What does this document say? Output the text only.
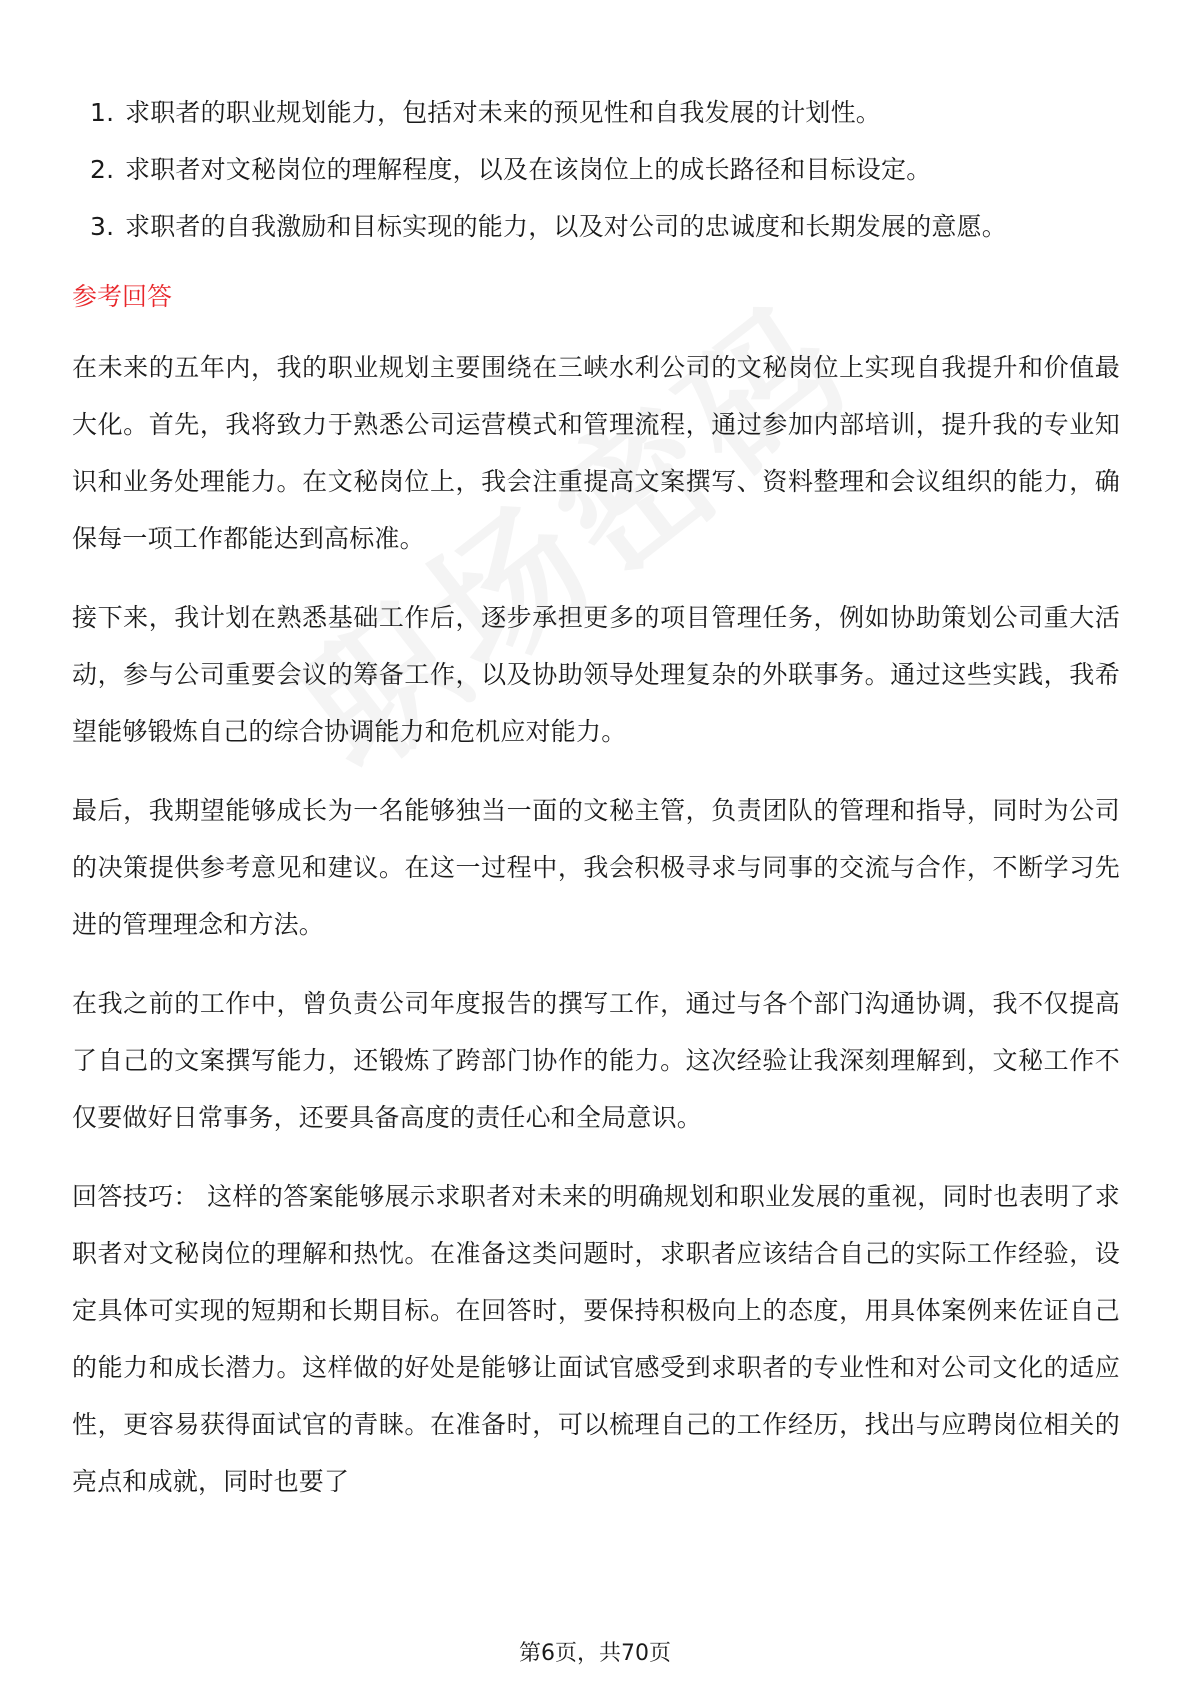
1. 求职者的职业规划能力，包括对未来的预见性和自我发展的计划性。
2. 求职者对文秘岗位的理解程度，以及在该岗位上的成长路径和目标设定。
3. 求职者的自我激励和目标实现的能力，以及对公司的忠诚度和长期发展的意愿。
参考回答

在未来的五年内，我的职业规划主要围绕在三峡水利公司的文秘岗位上实现自我提升和价值最大化。首先，我将致力于熟悉公司运营模式和管理流程，通过参加内部培训，提升我的专业知识和业务处理能力。在文秘岗位上，我会注重提高文案撰写、资料整理和会议组织的能力，确保每一项工作都能达到高标准。

接下来，我计划在熟悉基础工作后，逐步承担更多的项目管理任务，例如协助策划公司重大活动，参与公司重要会议的筹备工作，以及协助领导处理复杂的外联事务。通过这些实践，我希望能够锻炼自己的综合协调能力和危机应对能力。

最后，我期望能够成长为一名能够独当一面的文秘主管，负责团队的管理和指导，同时为公司的决策提供参考意见和建议。在这一过程中，我会积极寻求与同事的交流与合作，不断学习先进的管理理念和方法。

在我之前的工作中，曾负责公司年度报告的撰写工作，通过与各个部门沟通协调，我不仅提高了自己的文案撰写能力，还锻炼了跨部门协作的能力。这次经验让我深刻理解到，文秘工作不仅要做好日常事务，还要具备高度的责任心和全局意识。

回答技巧： 这样的答案能够展示求职者对未来的明确规划和职业发展的重视，同时也表明了求职者对文秘岗位的理解和热忱。在准备这类问题时，求职者应该结合自己的实际工作经验，设定具体可实现的短期和长期目标。在回答时，要保持积极向上的态度，用具体案例来佐证自己的能力和成长潜力。这样做的好处是能够让面试官感受到求职者的专业性和对公司文化的适应性，更容易获得面试官的青睐。在准备时，可以梳理自己的工作经历，找出与应聘岗位相关的亮点和成就，同时也要了

第6页，共70页
